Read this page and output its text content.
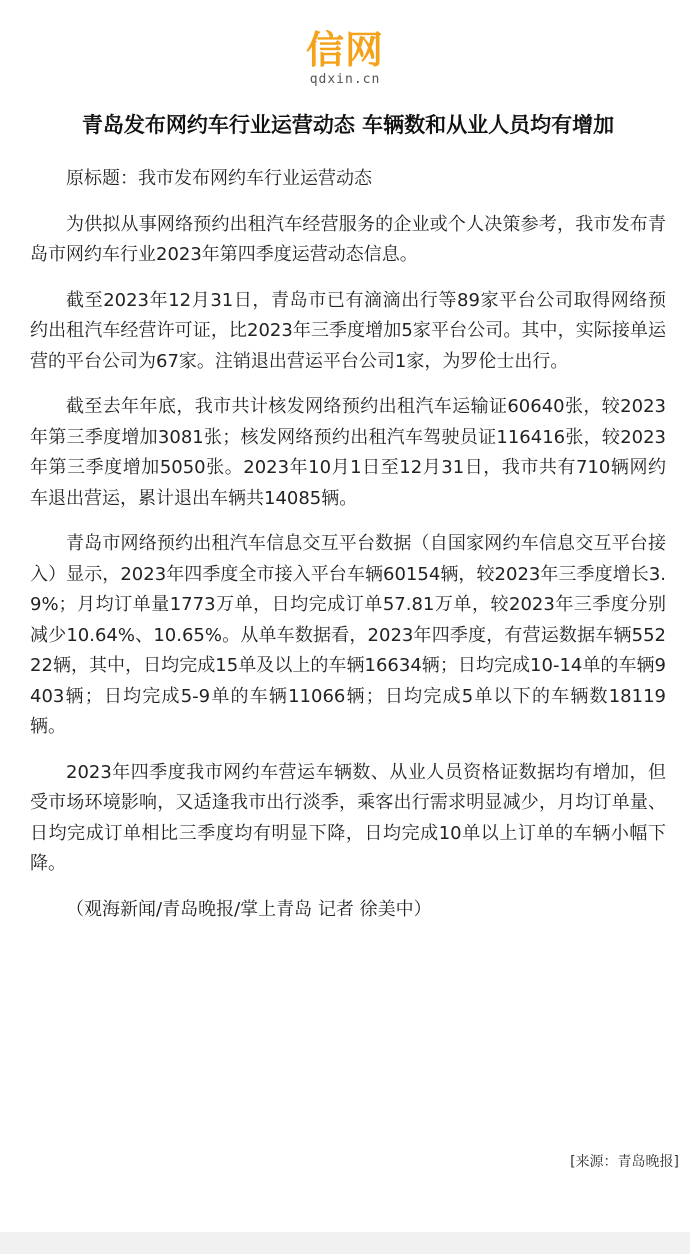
信网
qdxin.cn
青岛发布网约车行业运营动态 车辆数和从业人员均有增加

原标题：我市发布网约车行业运营动态

为供拟从事网络预约出租汽车经营服务的企业或个人决策参考，我市发布青岛市网约车行业2023年第四季度运营动态信息。

截至2023年12月31日，青岛市已有滴滴出行等89家平台公司取得网络预约出租汽车经营许可证，比2023年三季度增加5家平台公司。其中，实际接单运营的平台公司为67家。注销退出营运平台公司1家，为罗伦士出行。

截至去年年底，我市共计核发网络预约出租汽车运输证60640张，较2023年第三季度增加3081张；核发网络预约出租汽车驾驶员证116416张，较2023年第三季度增加5050张。2023年10月1日至12月31日，我市共有710辆网约车退出营运，累计退出车辆共14085辆。

青岛市网络预约出租汽车信息交互平台数据（自国家网约车信息交互平台接入）显示，2023年四季度全市接入平台车辆60154辆，较2023年三季度增长3.9%；月均订单量1773万单，日均完成订单57.81万单，较2023年三季度分别减少10.64%、10.65%。从单车数据看，2023年四季度，有营运数据车辆55222辆，其中，日均完成15单及以上的车辆16634辆；日均完成10-14单的车辆9403辆；日均完成5-9单的车辆11066辆；日均完成5单以下的车辆数18119辆。

2023年四季度我市网约车营运车辆数、从业人员资格证数据均有增加，但受市场环境影响，又适逢我市出行淡季，乘客出行需求明显减少，月均订单量、日均完成订单相比三季度均有明显下降，日均完成10单以上订单的车辆小幅下降。

（观海新闻/青岛晚报/掌上青岛 记者 徐美中）

[来源：青岛晚报]
